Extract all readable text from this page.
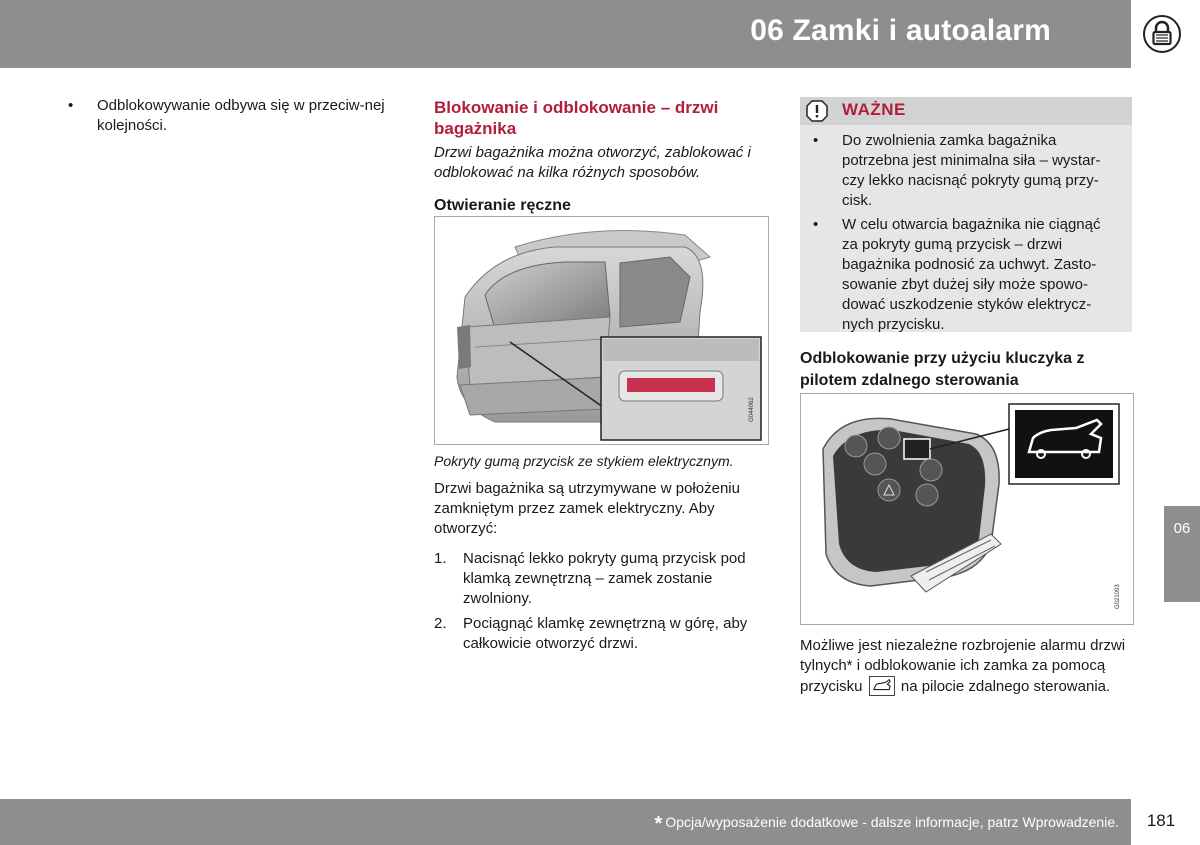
06 Zamki i autoalarm
06
• Odblokowywanie odbywa się w przeciw-nej kolejności.
Blokowanie i odblokowanie – drzwi bagażnika
Drzwi bagażnika można otworzyć, zablokować i odblokować na kilka różnych sposobów.
Otwieranie ręczne
G044062
Pokryty gumą przycisk ze stykiem elektrycznym.
Drzwi bagażnika są utrzymywane w położeniu zamkniętym przez zamek elektryczny. Aby otworzyć:
1. Nacisnąć lekko pokryty gumą przycisk pod klamką zewnętrzną – zamek zostanie zwolniony.
2. Pociągnąć klamkę zewnętrzną w górę, aby całkowicie otworzyć drzwi.
WAŻNE
• Do zwolnienia zamka bagażnika potrzebna jest minimalna siła – wystar-czy lekko nacisnąć pokryty gumą przy-cisk.
• W celu otwarcia bagażnika nie ciągnąć za pokryty gumą przycisk – drzwi bagażnika podnosić za uchwyt. Zasto-sowanie zbyt dużej siły może spowo-dować uszkodzenie styków elektrycz-nych przycisku.
Odblokowanie przy użyciu kluczyka z pilotem zdalnego sterowania
G021093
Możliwe jest niezależne rozbrojenie alarmu drzwi tylnych* i odblokowanie ich zamka za pomocą przycisku	na pilocie zdalnego sterowania.
* Opcja/wyposażenie dodatkowe - dalsze informacje, patrz Wprowadzenie.	181
